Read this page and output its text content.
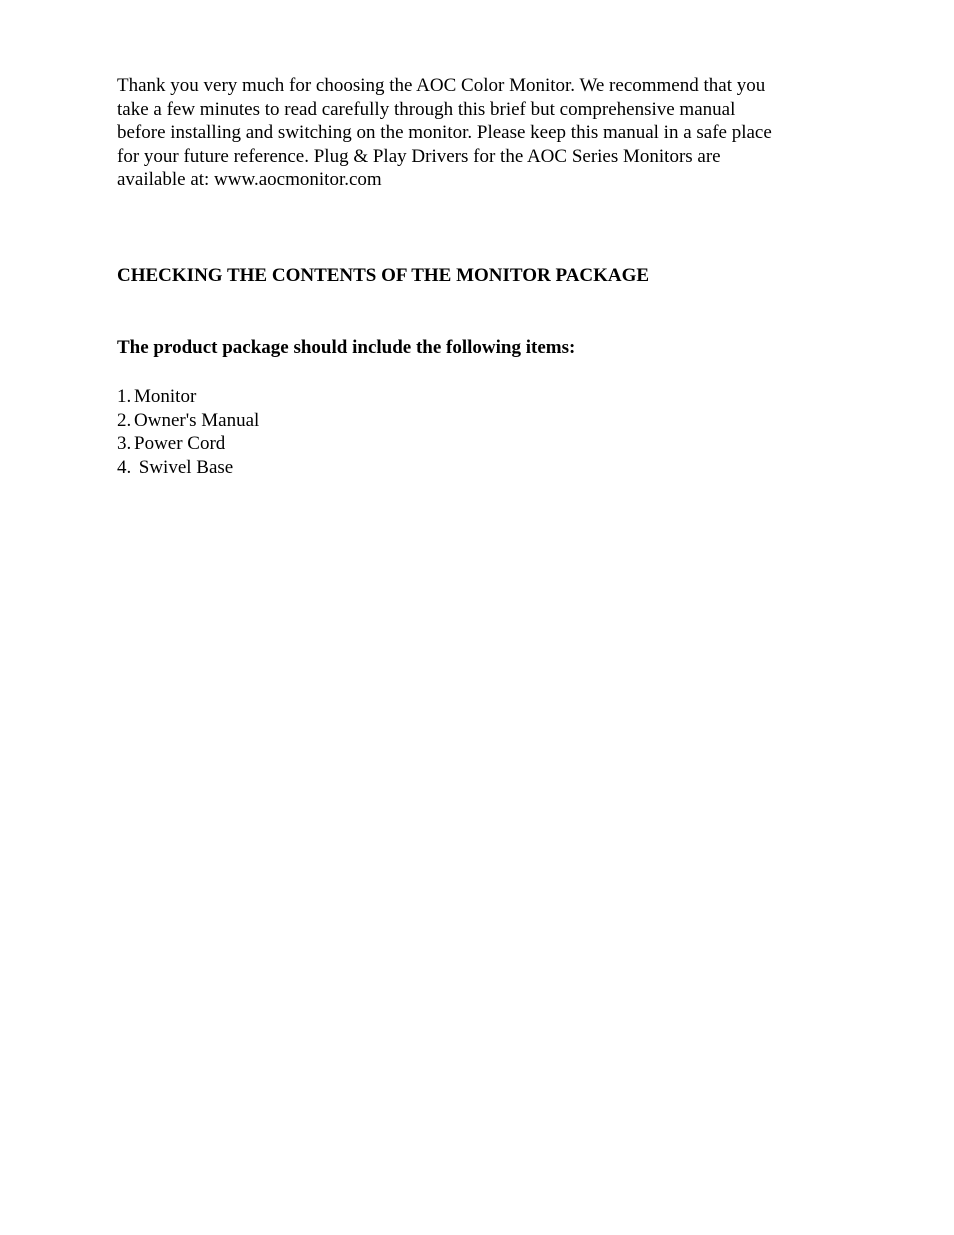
Thank you very much for choosing the AOC Color Monitor. We recommend that you
take a few minutes to read carefully through this brief but comprehensive manual
before installing and switching on the monitor. Please keep this manual in a safe place
for your future reference. Plug & Play Drivers for the AOC Series Monitors are
available at: www.aocmonitor.com

CHECKING THE CONTENTS OF THE MONITOR PACKAGE
The product package should include the following items:
1. Monitor
2. Owner's Manual
3. Power Cord
4. Swivel Base
